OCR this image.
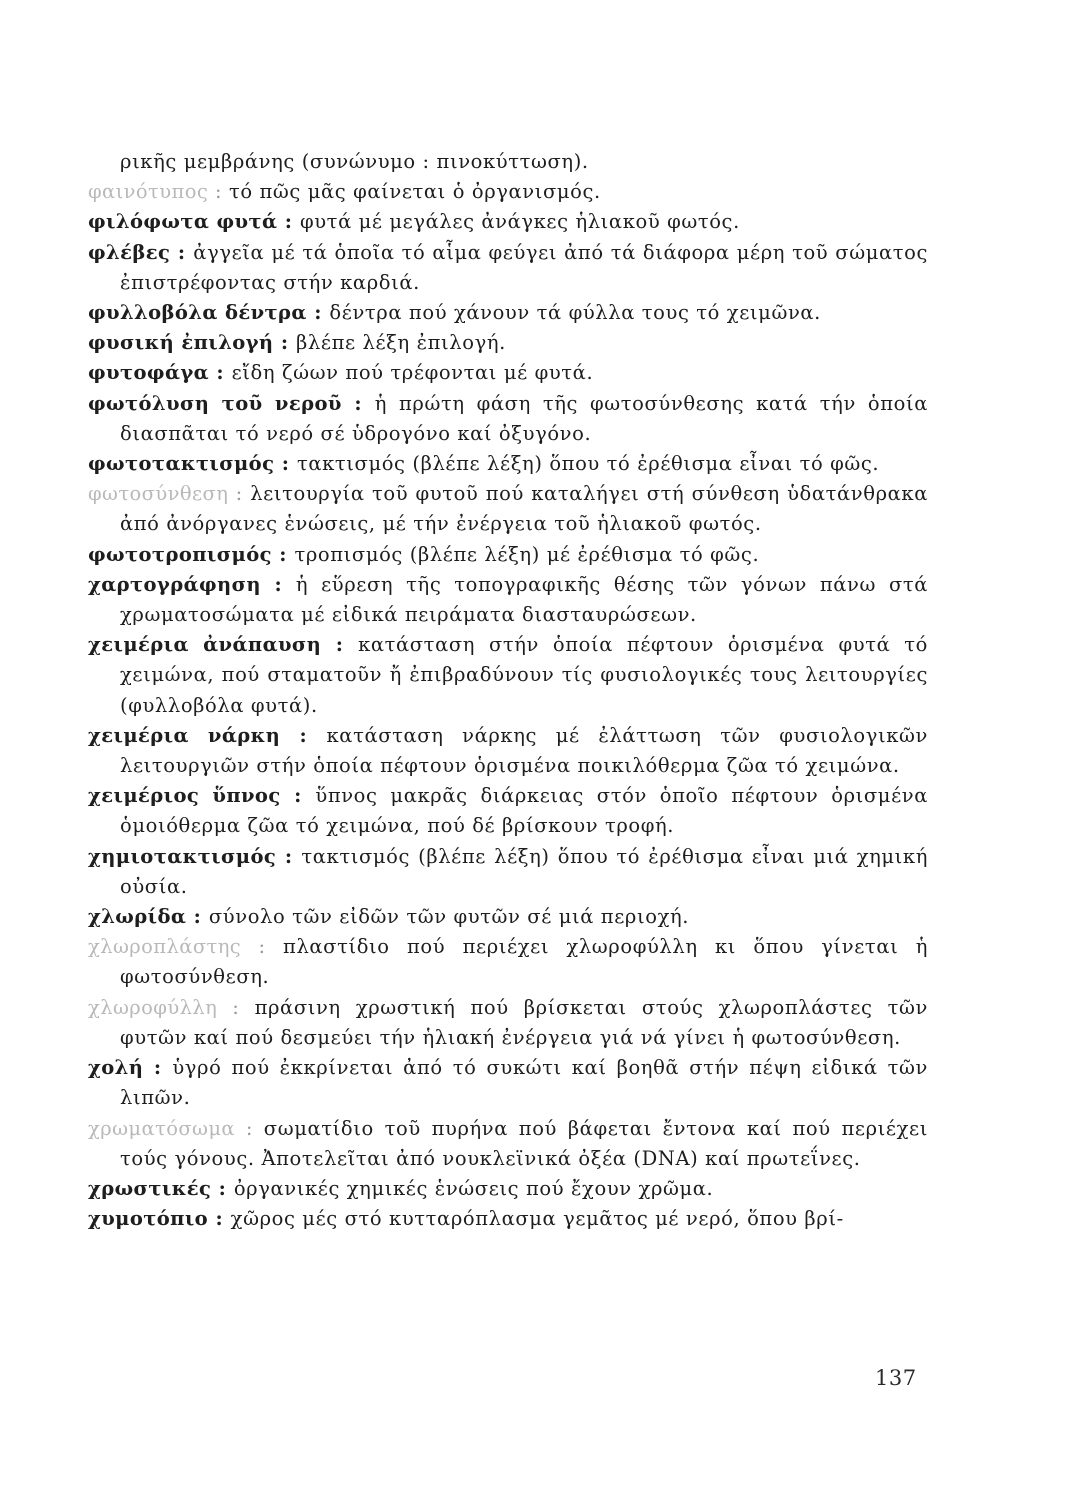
ρικῆς μεμβράνης (συνώνυμο : πινοκύττωση).

φαινότυπος : τό πῶς μᾶς φαίνεται ὁ ὀργανισμός.

φιλόφωτα φυτά : φυτά μέ μεγάλες ἀνάγκες ἡλιακοῦ φωτός.

φλέβες : ἀγγεῖα μέ τά ὁποῖα τό αἷμα φεύγει ἀπό τά διάφορα μέρη τοῦ σώματος ἐπιστρέφοντας στήν καρδιά.

φυλλοβόλα δέντρα : δέντρα πού χάνουν τά φύλλα τους τό χειμῶνα.

φυσική ἐπιλογή : βλέπε λέξη ἐπιλογή.

φυτοφάγα : εἴδη ζώων πού τρέφονται μέ φυτά.

φωτόλυση τοῦ νεροῦ : ἡ πρώτη φάση τῆς φωτοσύνθεσης κατά τήν ὁποία διασπᾶται τό νερό σέ ὑδρογόνο καί ὀξυγόνο.

φωτοτακτισμός : τακτισμός (βλέπε λέξη) ὅπου τό ἐρέθισμα εἶναι τό φῶς.

φωτοσύνθεση : λειτουργία τοῦ φυτοῦ πού καταλήγει στή σύνθεση ὑδατάνθρακα ἀπό ἀνόργανες ἑνώσεις, μέ τήν ἐνέργεια τοῦ ἡλιακοῦ φωτός.

φωτοτροπισμός : τροπισμός (βλέπε λέξη) μέ ἐρέθισμα τό φῶς.

χαρτογράφηση : ἡ εὕρεση τῆς τοπογραφικῆς θέσης τῶν γόνων πάνω στά χρωματοσώματα μέ εἰδικά πειράματα διασταυρώσεων.

χειμέρια ἀνάπαυση : κατάσταση στήν ὁποία πέφτουν ὁρισμένα φυτά τό χειμώνα, πού σταματοῦν ἤ ἐπιβραδύνουν τίς φυσιολογικές τους λειτουργίες (φυλλοβόλα φυτά).

χειμέρια νάρκη : κατάσταση νάρκης μέ ἐλάττωση τῶν φυσιολογικῶν λειτουργιῶν στήν ὁποία πέφτουν ὁρισμένα ποικιλόθερμα ζῶα τό χειμώνα.

χειμέριος ὕπνος : ὕπνος μακρᾶς διάρκειας στόν ὁποῖο πέφτουν ὁρισμένα ὁμοιόθερμα ζῶα τό χειμώνα, πού δέ βρίσκουν τροφή.

χημιοτακτισμός : τακτισμός (βλέπε λέξη) ὅπου τό ἐρέθισμα εἶναι μιά χημική οὐσία.

χλωρίδα : σύνολο τῶν εἰδῶν τῶν φυτῶν σέ μιά περιοχή.

χλωροπλάστης : πλαστίδιο πού περιέχει χλωροφύλλη κι ὅπου γίνεται ἡ φωτοσύνθεση.

χλωροφύλλη : πράσινη χρωστική πού βρίσκεται στούς χλωροπλάστες τῶν φυτῶν καί πού δεσμεύει τήν ἡλιακή ἐνέργεια γιά νά γίνει ἡ φωτοσύνθεση.

χολή : ὑγρό πού ἐκκρίνεται ἀπό τό συκώτι καί βοηθᾶ στήν πέψη εἰδικά τῶν λιπῶν.

χρωματόσωμα : σωματίδιο τοῦ πυρήνα πού βάφεται ἔντονα καί πού περιέχει τούς γόνους. Ἀποτελεῖται ἀπό νουκλεϊνικά ὀξέα (DNA) καί πρωτεΐνες.

χρωστικές : ὀργανικές χημικές ἑνώσεις πού ἔχουν χρῶμα.

χυμοτόπιο : χῶρος μές στό κυτταρόπλασμα γεμᾶτος μέ νερό, ὅπου βρί-

137
